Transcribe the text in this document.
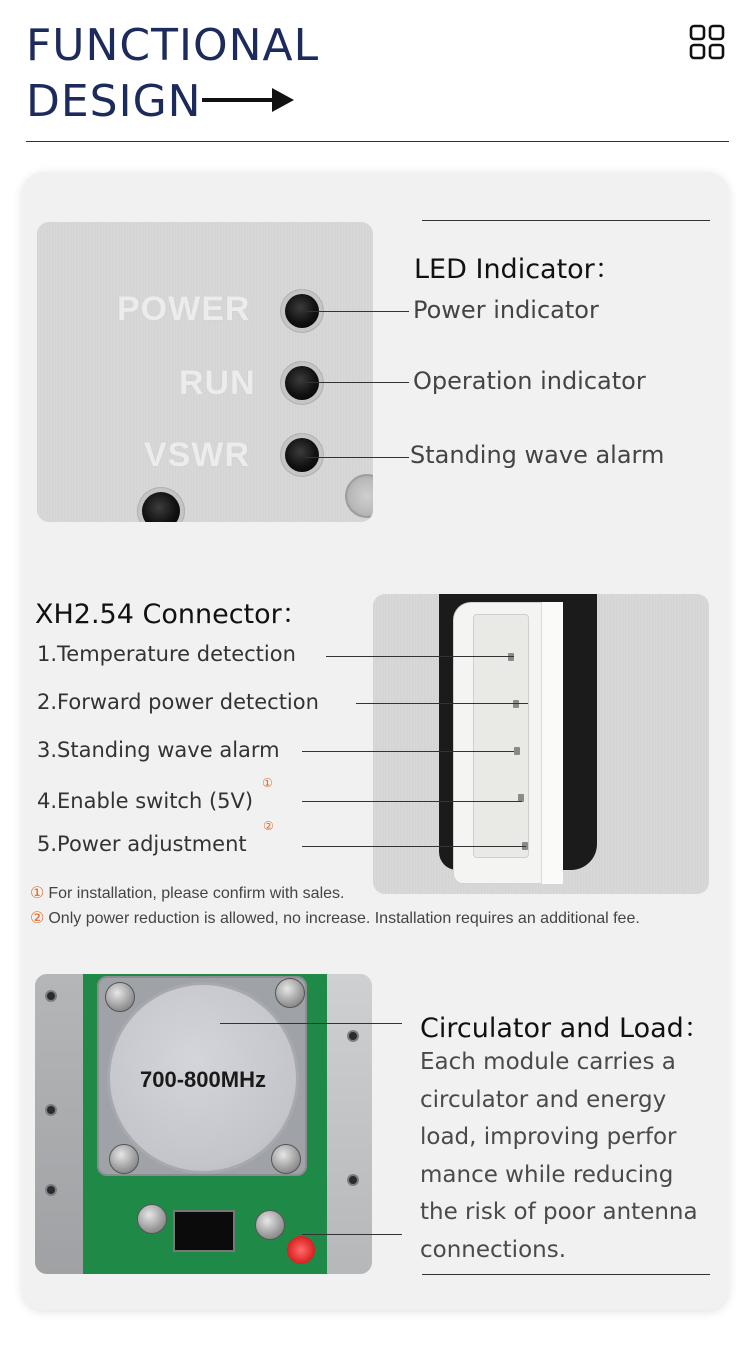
FUNCTIONAL
DESIGN
POWER
RUN
VSWR
LED Indicator：
Power indicator
Operation indicator
Standing wave alarm
XH2.54 Connector：
1.Temperature detection
2.Forward power detection
3.Standing wave alarm
4.Enable switch (5V)
①
5.Power adjustment
②
① For installation, please confirm with sales.
② Only power reduction is allowed, no increase. Installation requires an additional fee.
700-800MHz
Circulator and Load：
Each module carries a
circulator and energy
load, improving perfor
mance while reducing
the risk of poor antenna
connections.
